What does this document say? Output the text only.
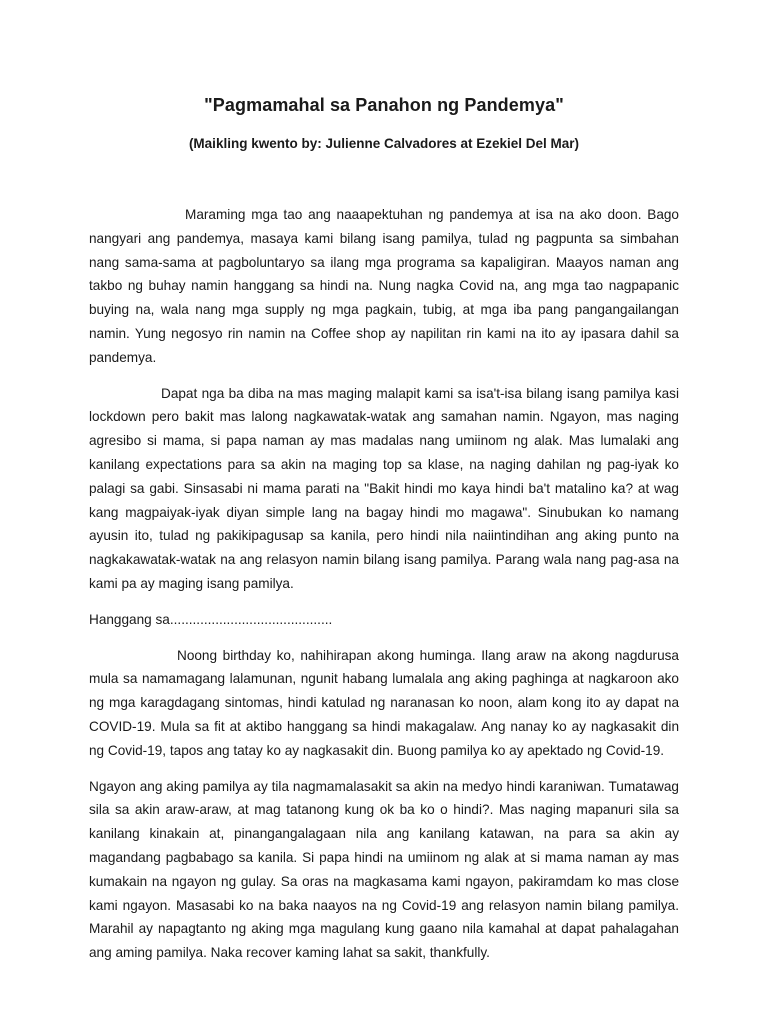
"Pagmamahal sa Panahon ng Pandemya"
(Maikling kwento by: Julienne Calvadores at Ezekiel Del Mar)

Maraming mga tao ang naaapektuhan ng pandemya at isa na ako doon. Bago nangyari ang pandemya, masaya kami bilang isang pamilya, tulad ng pagpunta sa simbahan nang sama-sama at pagboluntaryo sa ilang mga programa sa kapaligiran. Maayos naman ang takbo ng buhay namin hanggang sa hindi na. Nung nagka Covid na, ang mga tao nagpapanic buying na, wala nang mga supply ng mga pagkain, tubig, at mga iba pang pangangailangan namin. Yung negosyo rin namin na Coffee shop ay napilitan rin kami na ito ay ipasara dahil sa pandemya.

Dapat nga ba diba na mas maging malapit kami sa isa't-isa bilang isang pamilya kasi lockdown pero bakit mas lalong nagkawatak-watak ang samahan namin. Ngayon, mas naging agresibo si mama, si papa naman ay mas madalas nang umiinom ng alak. Mas lumalaki ang kanilang expectations para sa akin na maging top sa klase, na naging dahilan ng pag-iyak ko palagi sa gabi. Sinsasabi ni mama parati na "Bakit hindi mo kaya hindi ba't matalino ka? at wag kang magpaiyak-iyak diyan simple lang na bagay hindi mo magawa". Sinubukan ko namang ayusin ito, tulad ng pakikipagusap sa kanila, pero hindi nila naiintindihan ang aking punto na nagkakawatak-watak na ang relasyon namin bilang isang pamilya. Parang wala nang pag-asa na kami pa ay maging isang pamilya.

Hanggang sa...........................................

Noong birthday ko, nahihirapan akong huminga. Ilang araw na akong nagdurusa mula sa namamagang lalamunan, ngunit habang lumalala ang aking paghinga at nagkaroon ako ng mga karagdagang sintomas, hindi katulad ng naranasan ko noon, alam kong ito ay dapat na COVID-19. Mula sa fit at aktibo hanggang sa hindi makagalaw. Ang nanay ko ay nagkasakit din ng Covid-19, tapos ang tatay ko ay nagkasakit din. Buong pamilya ko ay apektado ng Covid-19.

Ngayon ang aking pamilya ay tila nagmamalasakit sa akin na medyo hindi karaniwan. Tumatawag sila sa akin araw-araw, at mag tatanong kung ok ba ko o hindi?. Mas naging mapanuri sila sa kanilang kinakain at, pinangangalagaan nila ang kanilang katawan, na para sa akin ay magandang pagbabago sa kanila. Si papa hindi na umiinom ng alak at si mama naman ay mas kumakain na ngayon ng gulay. Sa oras na magkasama kami ngayon, pakiramdam ko mas close kami ngayon. Masasabi ko na baka naayos na ng Covid-19 ang relasyon namin bilang pamilya. Marahil ay napagtanto ng aking mga magulang kung gaano nila kamahal at dapat pahalagahan ang aming pamilya. Naka recover kaming lahat sa sakit, thankfully.
